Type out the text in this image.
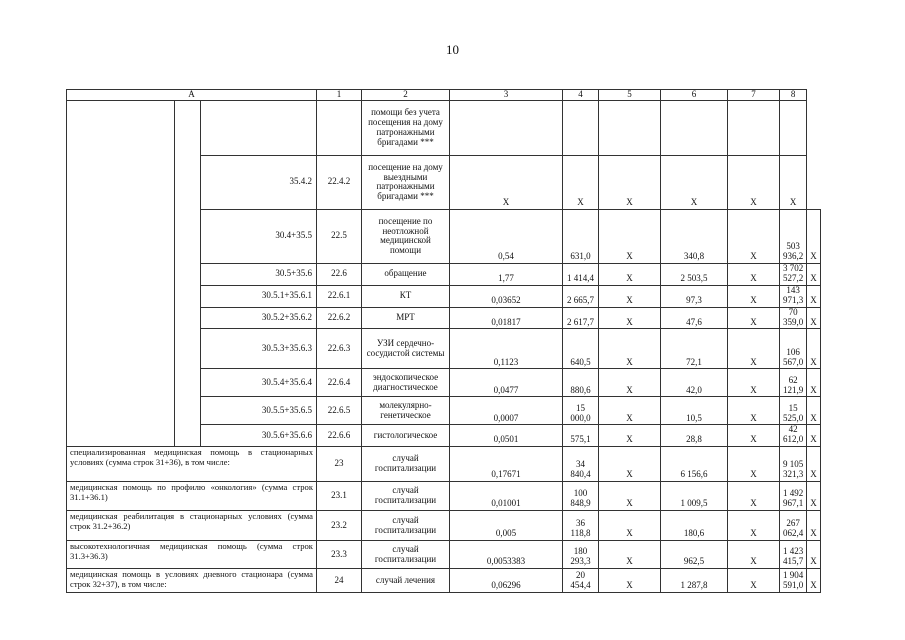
10
А			1	2	3	4	5	6	7	8	
				помощи без учета посещения на дому патронажными бригадами ***							
		35.4.2	22.4.2	посещение на дому выездными патронажными бригадами ***	Х	Х	Х	Х	Х	Х	
		30.4+35.5	22.5	посещение по неотложной медицинской помощи	0,54	631,0	Х	340,8	Х	503 936,2	Х
		30.5+35.6	22.6	обращение	1,77	1 414,4	Х	2 503,5	Х	3 702 527,2	Х
		30.5.1+35.6.1	22.6.1	КТ	0,03652	2 665,7	Х	97,3	Х	143 971,3	Х
		30.5.2+35.6.2	22.6.2	МРТ	0,01817	2 617,7	Х	47,6	Х	70 359,0	Х
		30.5.3+35.6.3	22.6.3	УЗИ сердечно-сосудистой системы	0,1123	640,5	Х	72,1	Х	106 567,0	Х
		30.5.4+35.6.4	22.6.4	эндоскопическое диагностическое	0,0477	880,6	Х	42,0	Х	62 121,9	Х
		30.5.5+35.6.5	22.6.5	молекулярно-генетическое	0,0007	15 000,0	Х	10,5	Х	15 525,0	Х
		30.5.6+35.6.6	22.6.6	гистологическое	0,0501	575,1	Х	28,8	Х	42 612,0	Х
специализированная медицинская помощь в стационарных условиях (сумма строк 31+36), в том числе:			23	случай госпитализации	0,17671	34 840,4	Х	6 156,6	Х	9 105 321,3	Х
медицинская помощь по профилю «онкология» (сумма строк 31.1+36.1)			23.1	случай госпитализации	0,01001	100 848,9	Х	1 009,5	Х	1 492 967,1	Х
медицинская реабилитация в стационарных условиях (сумма строк 31.2+36.2)			23.2	случай госпитализации	0,005	36 118,8	Х	180,6	Х	267 062,4	Х
высокотехнологичная медицинская помощь (сумма строк 31.3+36.3)			23.3	случай госпитализации	0,0053383	180 293,3	Х	962,5	Х	1 423 415,7	Х
медицинская помощь в условиях дневного стационара (сумма строк 32+37), в том числе:			24	случай лечения	0,06296	20 454,4	Х	1 287,8	Х	1 904 591,0	Х
